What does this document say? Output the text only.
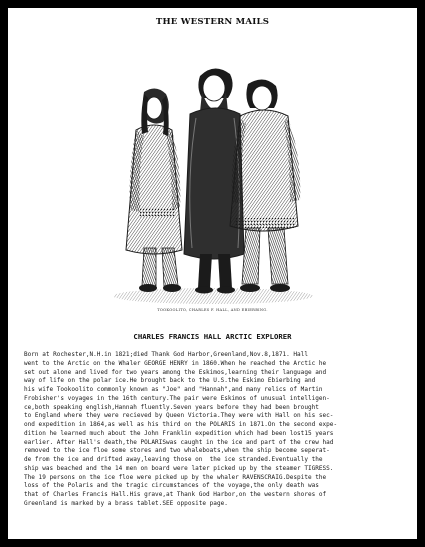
THE WESTERN MAILS
TOOKOOLITO, CHARLES F. HALL, AND EBIERBING.
CHARLES FRANCIS HALL ARCTIC EXPLORER
Born at Rochester,N.H.in 1821;died Thank God Harbor,Greenland,Nov.8,1871. Hall
went to the Arctic on the Whaler GEORGE HENRY in 1860.When he reached the Arctic he
set out alone and lived for two years among the Eskimos,learning their language and
way of life on the polar ice.He brought back to the U.S.the Eskimo Ebierbing and
his wife Tookoolito commonly known as "Joe" and "Hannah",and many relics of Martin
Frobisher's voyages in the 16th century.The pair were Eskimos of unusual intelligen-
ce,both speaking english,Hannah fluently.Seven years before they had been brought
to England where they were recieved by Queen Victoria.They were with Hall on his sec-
ond expedition in 1864,as well as his third on the POLARIS in 1871.On the second expe-
dition he learned much about the John Franklin expedition which had been lost15 years
earlier. After Hall's death,the POLARISwas caught in the ice and part of the crew had
removed to the ice floe some stores and two whaleboats,when the ship become seperat-
de from the ice and drifted away,leaving those on  the ice stranded.Eventually the
ship was beached and the 14 men on board were later picked up by the steamer TIGRESS.
The 19 persons on the ice floe were picked up by the whaler RAVENSCRAIG.Despite the
loss of the Polaris and the tragic circumstances of the voyage,the only death was
that of Charles Francis Hall.His grave,at Thank God Harbor,on the western shores of
Greenland is marked by a brass tablet.SEE opposite page.
